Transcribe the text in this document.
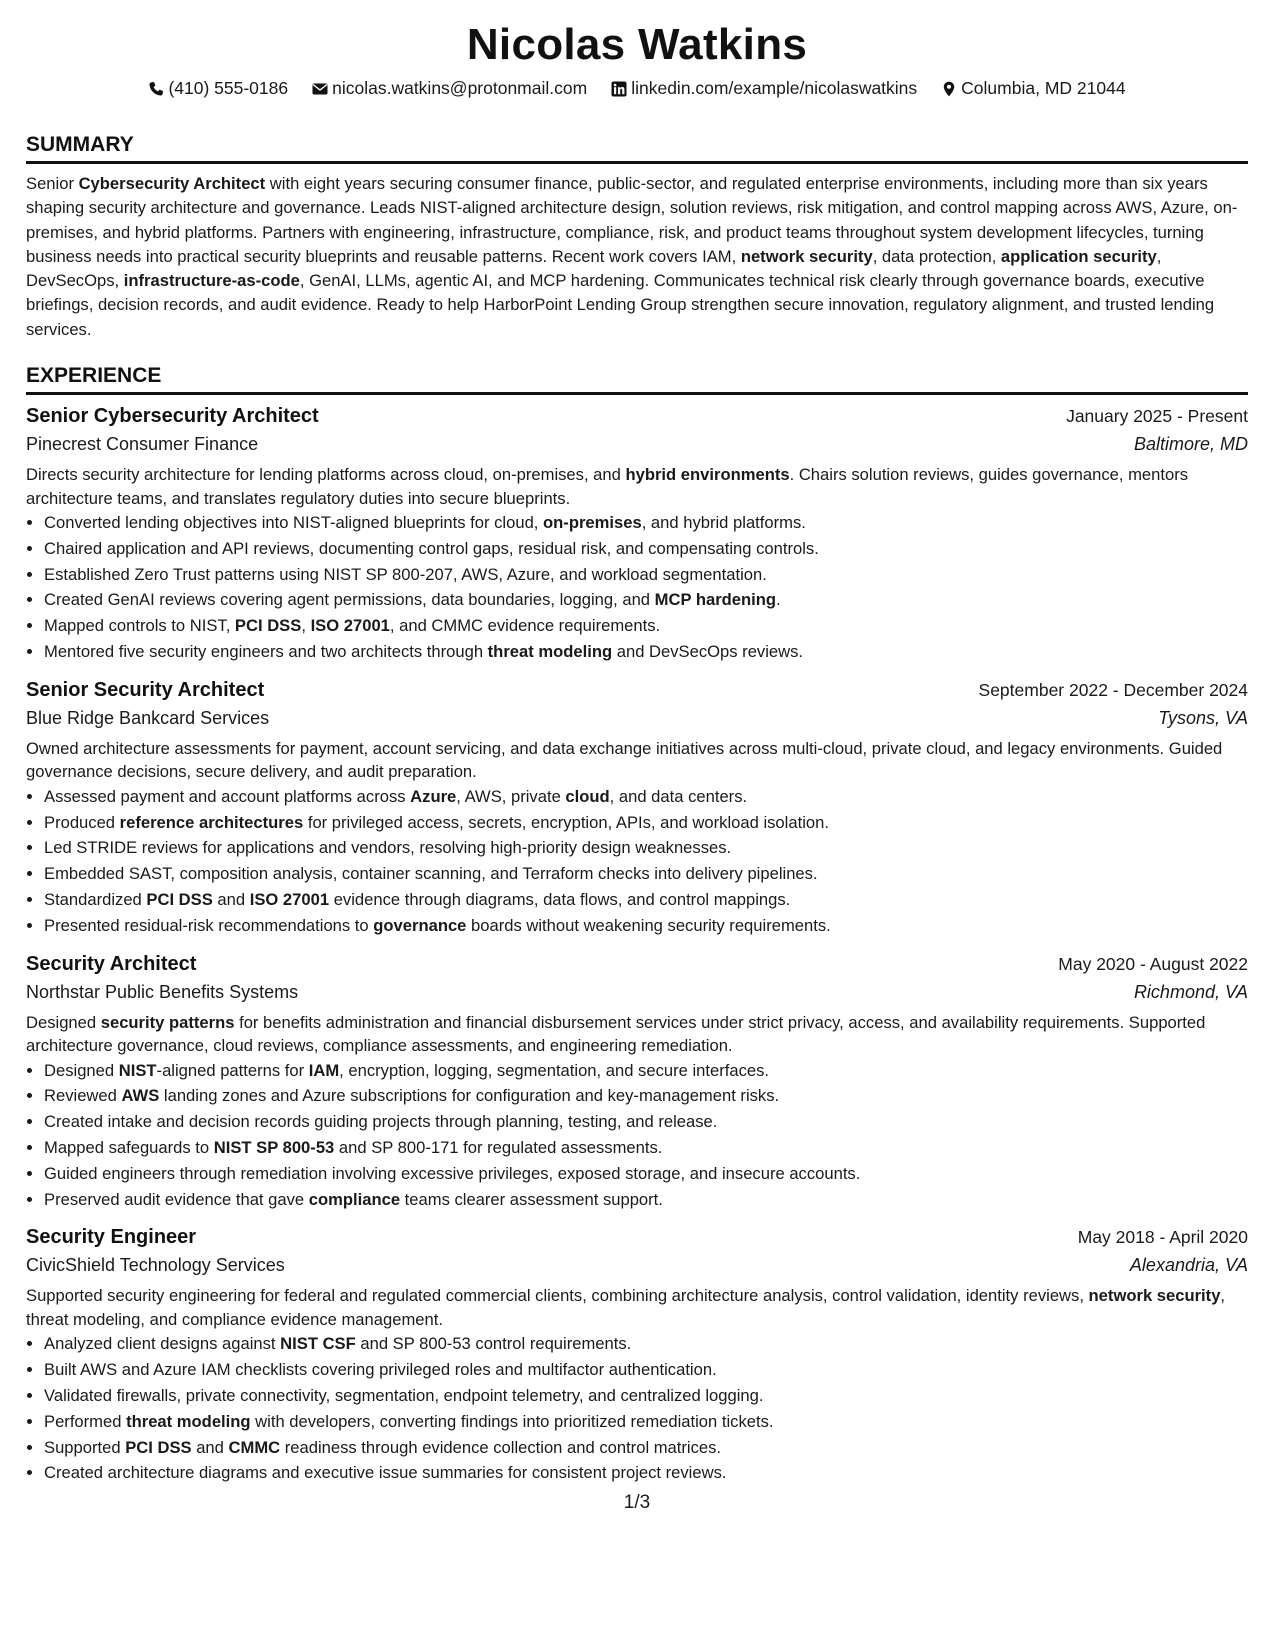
Nicolas Watkins
(410) 555-0186	nicolas.watkins@protonmail.com	linkedin.com/example/nicolaswatkins	Columbia, MD 21044
SUMMARY
Senior Cybersecurity Architect with eight years securing consumer finance, public-sector, and regulated enterprise environments, including more than six years shaping security architecture and governance. Leads NIST-aligned architecture design, solution reviews, risk mitigation, and control mapping across AWS, Azure, on-premises, and hybrid platforms. Partners with engineering, infrastructure, compliance, risk, and product teams throughout system development lifecycles, turning business needs into practical security blueprints and reusable patterns. Recent work covers IAM, network security, data protection, application security, DevSecOps, infrastructure-as-code, GenAI, LLMs, agentic AI, and MCP hardening. Communicates technical risk clearly through governance boards, executive briefings, decision records, and audit evidence. Ready to help HarborPoint Lending Group strengthen secure innovation, regulatory alignment, and trusted lending services.
EXPERIENCE
Senior Cybersecurity Architect	January 2025 - Present
Pinecrest Consumer Finance	Baltimore, MD
Directs security architecture for lending platforms across cloud, on-premises, and hybrid environments. Chairs solution reviews, guides governance, mentors architecture teams, and translates regulatory duties into secure blueprints.
• Converted lending objectives into NIST-aligned blueprints for cloud, on-premises, and hybrid platforms.
• Chaired application and API reviews, documenting control gaps, residual risk, and compensating controls.
• Established Zero Trust patterns using NIST SP 800-207, AWS, Azure, and workload segmentation.
• Created GenAI reviews covering agent permissions, data boundaries, logging, and MCP hardening.
• Mapped controls to NIST, PCI DSS, ISO 27001, and CMMC evidence requirements.
• Mentored five security engineers and two architects through threat modeling and DevSecOps reviews.
Senior Security Architect	September 2022 - December 2024
Blue Ridge Bankcard Services	Tysons, VA
Owned architecture assessments for payment, account servicing, and data exchange initiatives across multi-cloud, private cloud, and legacy environments. Guided governance decisions, secure delivery, and audit preparation.
• Assessed payment and account platforms across Azure, AWS, private cloud, and data centers.
• Produced reference architectures for privileged access, secrets, encryption, APIs, and workload isolation.
• Led STRIDE reviews for applications and vendors, resolving high-priority design weaknesses.
• Embedded SAST, composition analysis, container scanning, and Terraform checks into delivery pipelines.
• Standardized PCI DSS and ISO 27001 evidence through diagrams, data flows, and control mappings.
• Presented residual-risk recommendations to governance boards without weakening security requirements.
Security Architect	May 2020 - August 2022
Northstar Public Benefits Systems	Richmond, VA
Designed security patterns for benefits administration and financial disbursement services under strict privacy, access, and availability requirements. Supported architecture governance, cloud reviews, compliance assessments, and engineering remediation.
• Designed NIST-aligned patterns for IAM, encryption, logging, segmentation, and secure interfaces.
• Reviewed AWS landing zones and Azure subscriptions for configuration and key-management risks.
• Created intake and decision records guiding projects through planning, testing, and release.
• Mapped safeguards to NIST SP 800-53 and SP 800-171 for regulated assessments.
• Guided engineers through remediation involving excessive privileges, exposed storage, and insecure accounts.
• Preserved audit evidence that gave compliance teams clearer assessment support.
Security Engineer	May 2018 - April 2020
CivicShield Technology Services	Alexandria, VA
Supported security engineering for federal and regulated commercial clients, combining architecture analysis, control validation, identity reviews, network security, threat modeling, and compliance evidence management.
• Analyzed client designs against NIST CSF and SP 800-53 control requirements.
• Built AWS and Azure IAM checklists covering privileged roles and multifactor authentication.
• Validated firewalls, private connectivity, segmentation, endpoint telemetry, and centralized logging.
• Performed threat modeling with developers, converting findings into prioritized remediation tickets.
• Supported PCI DSS and CMMC readiness through evidence collection and control matrices.
• Created architecture diagrams and executive issue summaries for consistent project reviews.
1/3
